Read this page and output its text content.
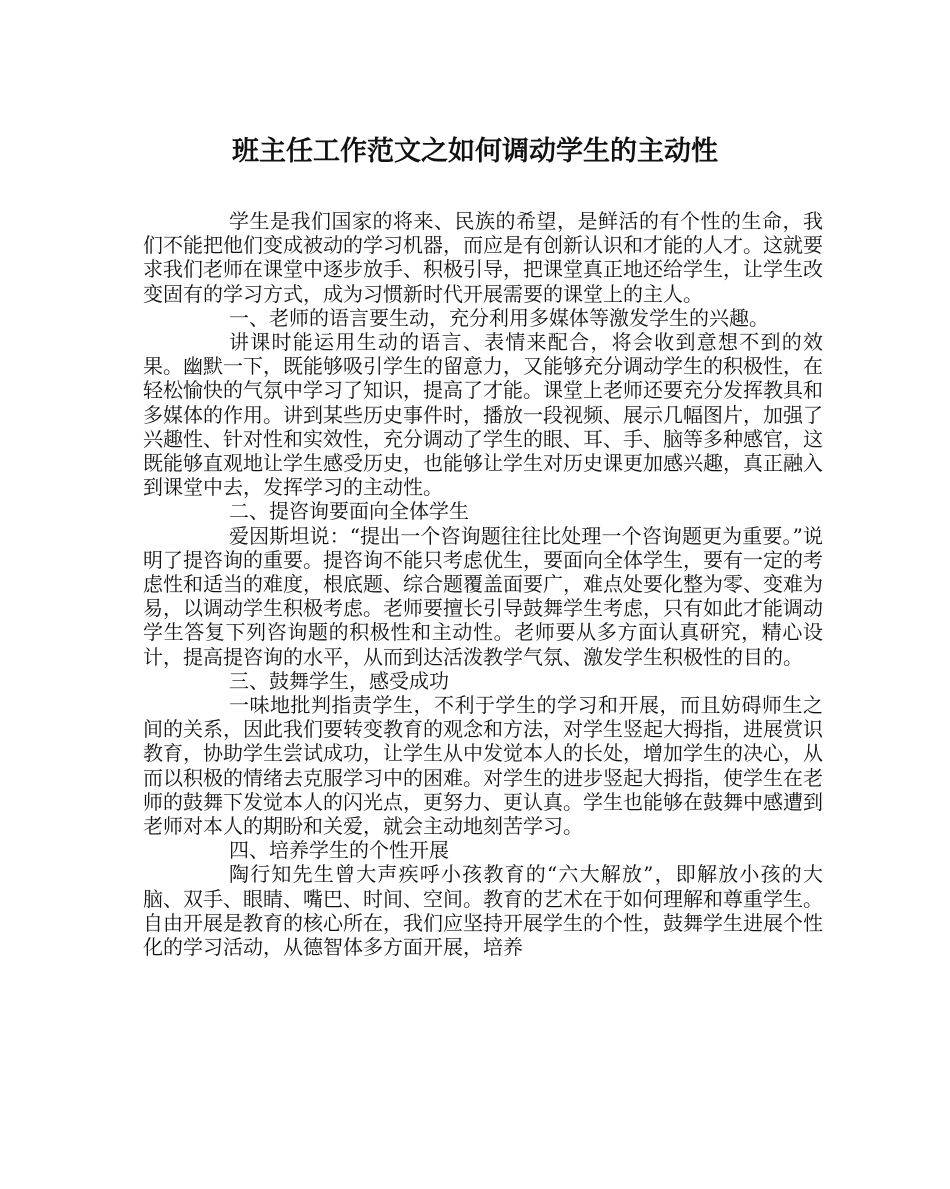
班主任工作范文之如何调动学生的主动性

学生是我们国家的将来、民族的希望，是鲜活的有个性的生命，我们不能把他们变成被动的学习机器，而应是有创新认识和才能的人才。这就要求我们老师在课堂中逐步放手、积极引导，把课堂真正地还给学生，让学生改变固有的学习方式，成为习惯新时代开展需要的课堂上的主人。

一、老师的语言要生动，充分利用多媒体等激发学生的兴趣。

讲课时能运用生动的语言、表情来配合，将会收到意想不到的效果。幽默一下，既能够吸引学生的留意力，又能够充分调动学生的积极性，在轻松愉快的气氛中学习了知识，提高了才能。课堂上老师还要充分发挥教具和多媒体的作用。讲到某些历史事件时，播放一段视频、展示几幅图片，加强了兴趣性、针对性和实效性，充分调动了学生的眼、耳、手、脑等多种感官，这既能够直观地让学生感受历史，也能够让学生对历史课更加感兴趣，真正融入到课堂中去，发挥学习的主动性。

二、提咨询要面向全体学生

爱因斯坦说：“提出一个咨询题往往比处理一个咨询题更为重要。”说明了提咨询的重要。提咨询不能只考虑优生，要面向全体学生，要有一定的考虑性和适当的难度，根底题、综合题覆盖面要广，难点处要化整为零、变难为易，以调动学生积极考虑。老师要擅长引导鼓舞学生考虑，只有如此才能调动学生答复下列咨询题的积极性和主动性。老师要从多方面认真研究，精心设计，提高提咨询的水平，从而到达活泼教学气氛、激发学生积极性的目的。

三、鼓舞学生，感受成功

一味地批判指责学生，不利于学生的学习和开展，而且妨碍师生之间的关系，因此我们要转变教育的观念和方法，对学生竖起大拇指，进展赏识教育，协助学生尝试成功，让学生从中发觉本人的长处，增加学生的决心，从而以积极的情绪去克服学习中的困难。对学生的进步竖起大拇指，使学生在老师的鼓舞下发觉本人的闪光点，更努力、更认真。学生也能够在鼓舞中感遭到老师对本人的期盼和关爱，就会主动地刻苦学习。

四、培养学生的个性开展

陶行知先生曾大声疾呼小孩教育的“六大解放”，即解放小孩的大脑、双手、眼睛、嘴巴、时间、空间。教育的艺术在于如何理解和尊重学生。自由开展是教育的核心所在，我们应坚持开展学生的个性，鼓舞学生进展个性化的学习活动，从德智体多方面开展，培养
